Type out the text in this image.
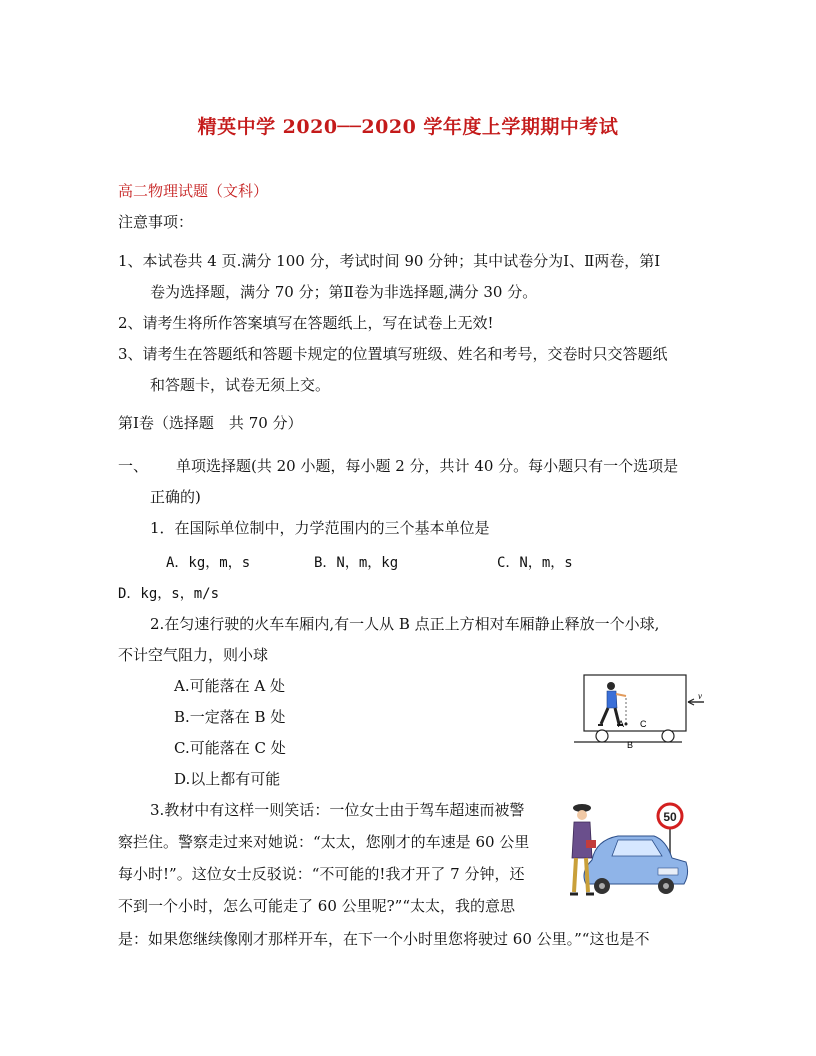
精英中学 2020──2020 学年度上学期期中考试
高二物理试题（文科）
注意事项：
1、本试卷共 4 页.满分 100 分，考试时间 90 分钟；其中试卷分为Ⅰ、Ⅱ两卷，第Ⅰ
卷为选择题，满分 70 分；第Ⅱ卷为非选择题,满分 30 分。
2、请考生将所作答案填写在答题纸上，写在试卷上无效!
3、请考生在答题纸和答题卡规定的位置填写班级、姓名和考号，交卷时只交答题纸
和答题卡，试卷无须上交。
第Ⅰ卷（选择题　共 70 分）
一、 单项选择题(共 20 小题，每小题 2 分，共计 40 分。每小题只有一个选项是
正确的)
1．在国际单位制中，力学范围内的三个基本单位是
A．kg，m，s	B．N，m，kg	C．N，m，s
D．kg，s，m/s
2.在匀速行驶的火车车厢内,有一人从 B 点正上方相对车厢静止释放一个小球,
不计空气阻力，则小球
A.可能落在 A 处
B.一定落在 B 处
C.可能落在 C 处
D.以上都有可能
A
B
C
v
3.教材中有这样一则笑话：一位女士由于驾车超速而被警
察拦住。警察走过来对她说：“太太，您刚才的车速是 60 公里
每小时!”。这位女士反驳说：“不可能的!我才开了 7 分钟，还
不到一个小时，怎么可能走了 60 公里呢?”“太太，我的意思
是：如果您继续像刚才那样开车，在下一个小时里您将驶过 60 公里。”“这也是不
50
